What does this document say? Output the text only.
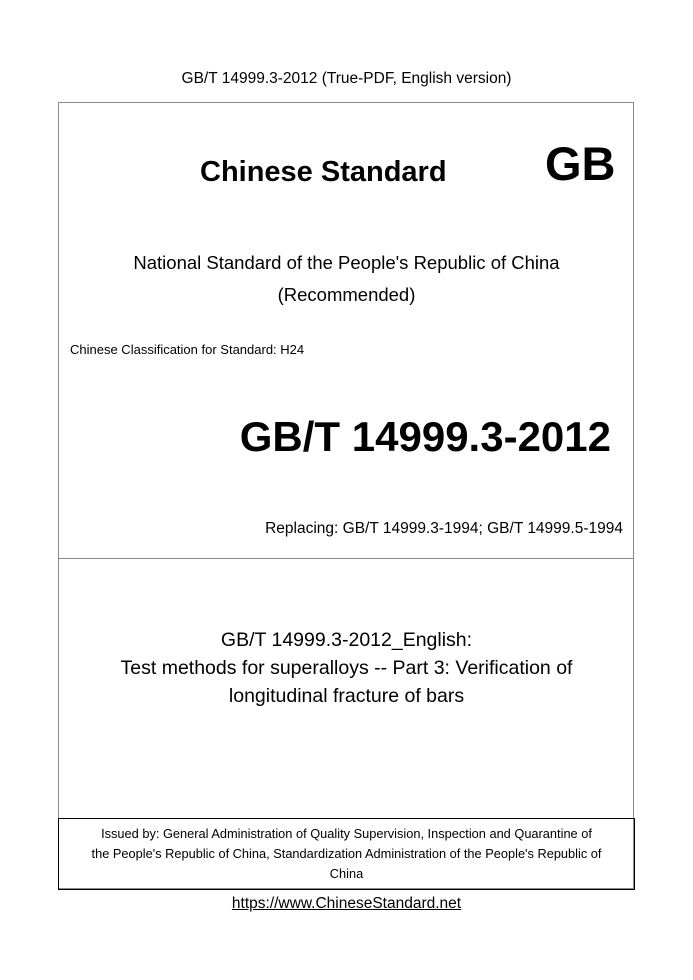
GB/T 14999.3-2012 (True-PDF, English version)
Chinese Standard GB
National Standard of the People's Republic of China
(Recommended)
Chinese Classification for Standard: H24
GB/T 14999.3-2012
Replacing: GB/T 14999.3-1994; GB/T 14999.5-1994
GB/T 14999.3-2012_English:
Test methods for superalloys -- Part 3: Verification of
longitudinal fracture of bars
Issued by: General Administration of Quality Supervision, Inspection and Quarantine of
the People's Republic of China, Standardization Administration of the People's Republic of
China
https://www.ChineseStandard.net
